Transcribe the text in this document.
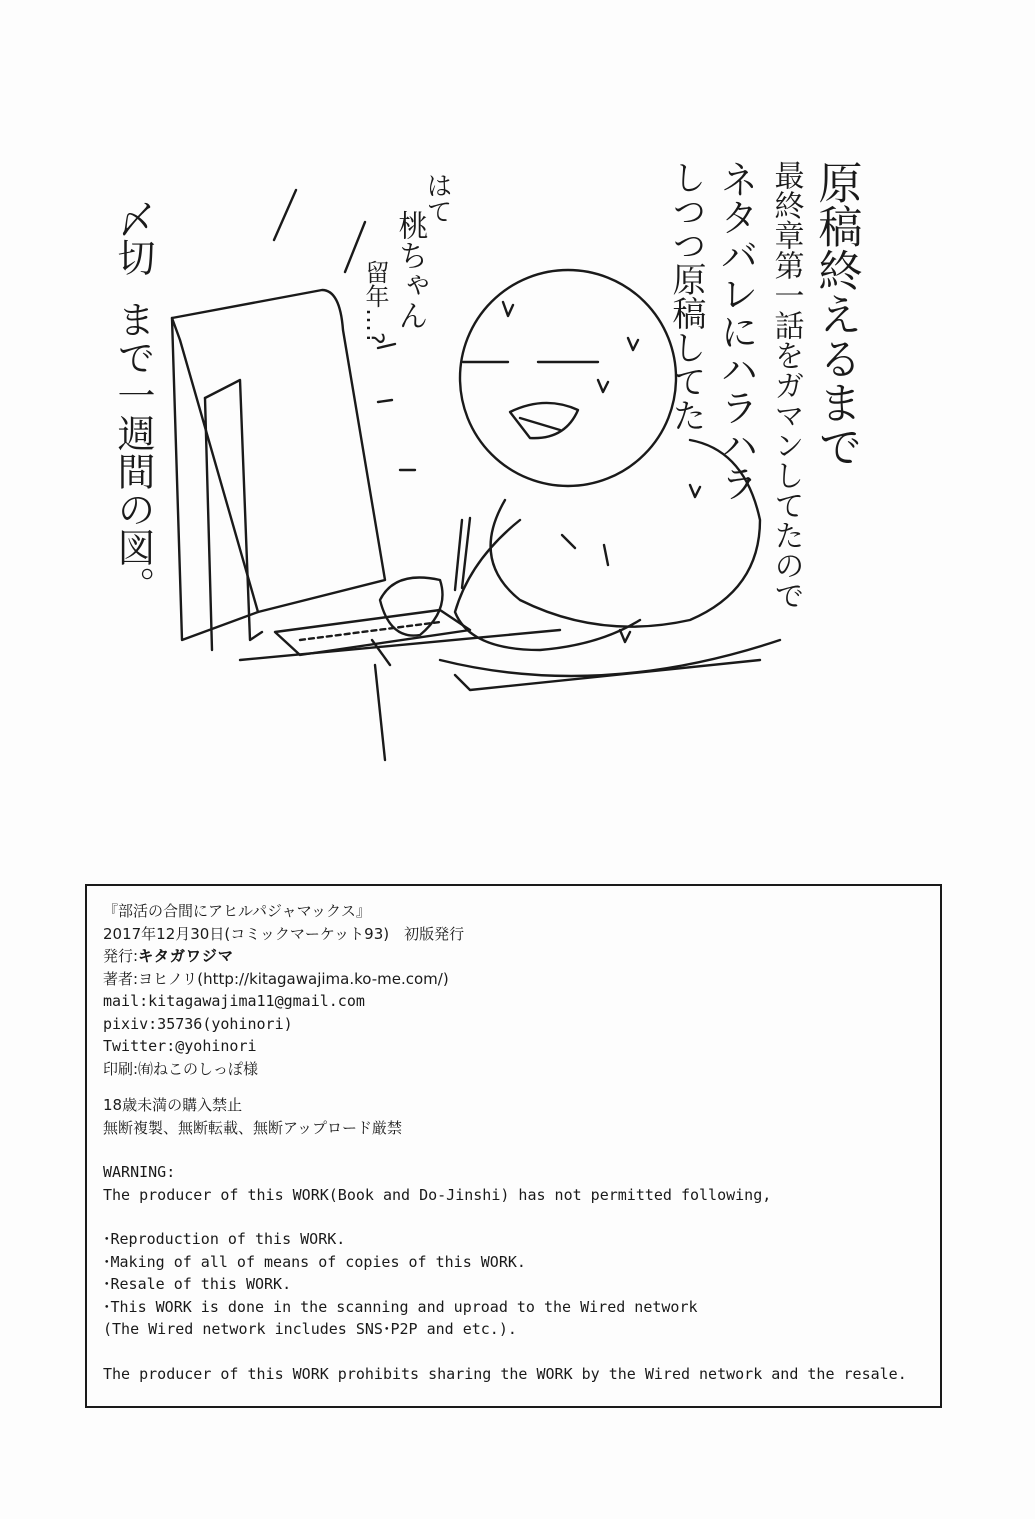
原稿終えるまで
最終章第一話をガマンしてたので
ネタバレにハラハラ
しつつ原稿してた
はて
桃ちゃん
留年…?
〆切
まで一週間の図。
『部活の合間にアヒルパジャマックス』
2017年12月30日(コミックマーケット93)　初版発行
発行:キタガワジマ
著者:ヨヒノリ(http://kitagawajima.ko-me.com/)
mail:kitagawajima11@gmail.com
pixiv:35736(yohinori)
Twitter:@yohinori
印刷:㈲ねこのしっぽ様
18歳未満の購入禁止
無断複製、無断転載、無断アップロード厳禁
WARNING:
The producer of this WORK(Book and Do-Jinshi) has not permitted following,
･Reproduction of this WORK.
･Making of all of means of copies of this WORK.
･Resale of this WORK.
･This WORK is done in the scanning and uproad to the Wired network
(The Wired network includes SNS･P2P and etc.).
The producer of this WORK prohibits sharing the WORK by the Wired network and the resale.
